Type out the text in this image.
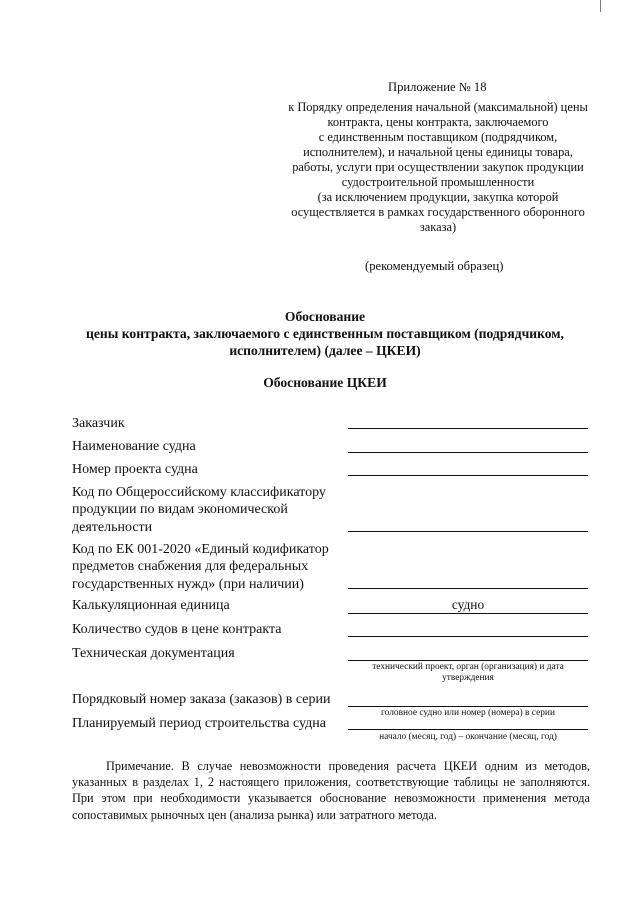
Приложение № 18
к Порядку определения начальной (максимальной) цены
контракта, цены контракта, заключаемого
с единственным поставщиком (подрядчиком,
исполнителем), и начальной цены единицы товара,
работы, услуги при осуществлении закупок продукции
судостроительной промышленности
(за исключением продукции, закупка которой
осуществляется в рамках государственного оборонного
заказа)
(рекомендуемый образец)
Обоснование
цены контракта, заключаемого с единственным поставщиком (подрядчиком,
исполнителем) (далее – ЦКЕИ)
Обоснование ЦКЕИ
Заказчик
Наименование судна
Номер проекта судна
Код по Общероссийскому классификатору продукции по видам экономической деятельности
Код по ЕК 001-2020 «Единый кодификатор предметов снабжения для федеральных государственных нужд» (при наличии)
Калькуляционная единица	судно
Количество судов в цене контракта
Техническая документация
технический проект, орган (организация) и дата утверждения
Порядковый номер заказа (заказов) в серии
головное судно или номер (номера) в серии
Планируемый период строительства судна
начало (месяц, год) – окончание (месяц, год)
Примечание. В случае невозможности проведения расчета ЦКЕИ одним из методов, указанных в разделах 1, 2 настоящего приложения, соответствующие таблицы не заполняются. При этом при необходимости указывается обоснование невозможности применения метода сопоставимых рыночных цен (анализа рынка) или затратного метода.
